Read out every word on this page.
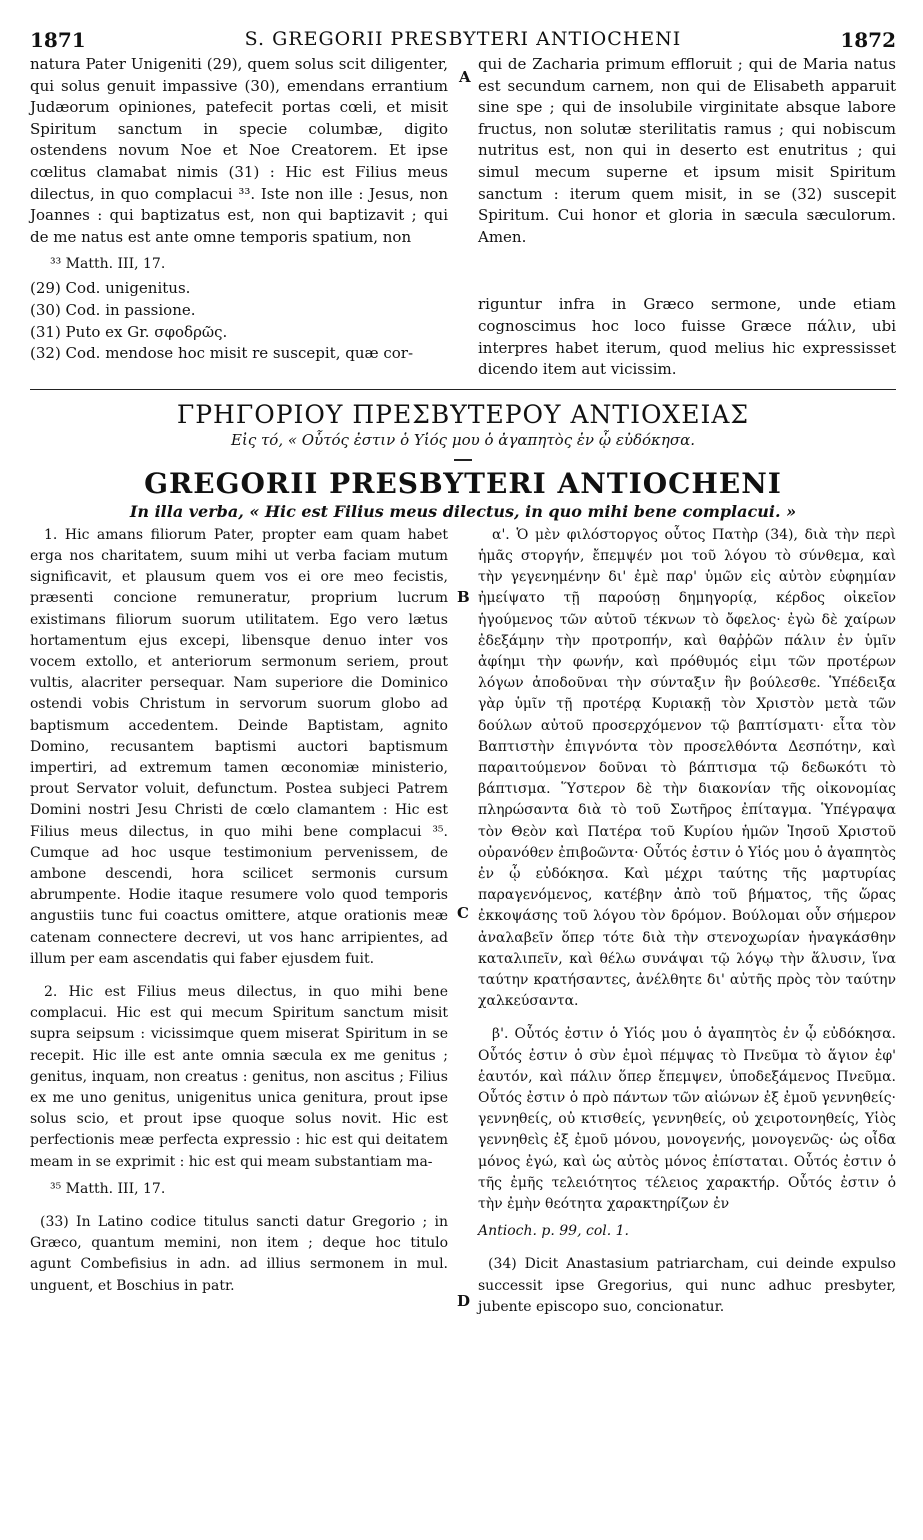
1871	S. GREGORII PRESBYTERI ANTIOCHENI	1872

natura Pater Unigeniti (29), quem solus scit diligenter, qui solus genuit impassive (30), emendans errantium Judæorum opiniones, patefecit portas cœli, et misit Spiritum sanctum in specie columbæ, digito ostendens novum Noe et Noe Creatorem. Et ipse cœlitus clamabat nimis (31) : Hic est Filius meus dilectus, in quo complacui ³³. Iste non ille : Jesus, non Joannes : qui baptizatus est, non qui baptizavit ; qui de me natus est ante omne temporis spatium, non

³³ Matth. III, 17.

(29) Cod. unigenitus.

(30) Cod. in passione.

(31) Puto ex Gr. σφοδρῶς.

(32) Cod. mendose hoc misit re suscepit, quæ cor-

qui de Zacharia primum effloruit ; qui de Maria natus est secundum carnem, non qui de Elisabeth apparuit sine spe ; qui de insolubile virginitate absque labore fructus, non solutæ sterilitatis ramus ; qui nobiscum nutritus est, non qui in deserto est enutritus ; qui simul mecum superne et ipsum misit Spiritum sanctum : iterum quem misit, in se (32) suscepit Spiritum. Cui honor et gloria in sæcula sæculorum. Amen.

riguntur infra in Græco sermone, unde etiam cognoscimus hoc loco fuisse Græce πάλιν, ubi interpres habet iterum, quod melius hic expressisset dicendo item aut vicissim.

ΓΡΗΓΟΡΙΟΥ ΠΡΕΣΒΥΤΕΡΟΥ ΑΝΤΙΟΧΕΙΑΣ
Εἰς τό, « Οὗτός ἐστιν ὁ Υἱός μου ὁ ἀγαπητὸς ἐν ᾧ εὐδόκησα.
GREGORII PRESBYTERI ANTIOCHENI
In illa verba, « Hic est Filius meus dilectus, in quo mihi bene complacui. »

1. Hic amans filiorum Pater, propter eam quam habet erga nos charitatem, suum mihi ut verba faciam mutum significavit, et plausum quem vos ei ore meo fecistis, præsenti concione remuneratur, proprium lucrum existimans filiorum suorum utilitatem. Ego vero lætus hortamentum ejus excepi, libensque denuo inter vos vocem extollo, et anteriorum sermonum seriem, prout vultis, alacriter persequar. Nam superiore die Dominico ostendi vobis Christum in servorum suorum globo ad baptismum accedentem. Deinde Baptistam, agnito Domino, recusantem baptismi auctori baptismum impertiri, ad extremum tamen œconomiæ ministerio, prout Servator voluit, defunctum. Postea subjeci Patrem Domini nostri Jesu Christi de cœlo clamantem : Hic est Filius meus dilectus, in quo mihi bene complacui ³⁵. Cumque ad hoc usque testimonium pervenissem, de ambone descendi, hora scilicet sermonis cursum abrumpente. Hodie itaque resumere volo quod temporis angustiis tunc fui coactus omittere, atque orationis meæ catenam connectere decrevi, ut vos hanc arripientes, ad illum per eam ascendatis qui faber ejusdem fuit.

2. Hic est Filius meus dilectus, in quo mihi bene complacui. Hic est qui mecum Spiritum sanctum misit supra seipsum : vicissimque quem miserat Spiritum in se recepit. Hic ille est ante omnia sæcula ex me genitus ; genitus, inquam, non creatus : genitus, non ascitus ; Filius ex me uno genitus, unigenitus unica genitura, prout ipse solus scio, et prout ipse quoque solus novit. Hic est perfectionis meæ perfecta expressio : hic est qui deitatem meam in se exprimit : hic est qui meam substantiam ma-

³⁵ Matth. III, 17.

(33) In Latino codice titulus sancti datur Gregorio ; in Græco, quantum memini, non item ; deque hoc titulo agunt Combefisius in adn. ad illius sermonem in mul. unguent, et Boschius in patr.

α'. Ὁ μὲν φιλόστοργος οὗτος Πατὴρ (34), διὰ τὴν περὶ ἡμᾶς στοργήν, ἔπεμψέν μοι τοῦ λόγου τὸ σύνθεμα, καὶ τὴν γεγενημένην δι' ἐμὲ παρ' ὑμῶν εἰς αὐτὸν εὐφημίαν ἠμείψατο τῇ παρούσῃ δημηγορίᾳ, κέρδος οἰκεῖον ἡγούμενος τῶν αὐτοῦ τέκνων τὸ ὄφελος· ἐγὼ δὲ χαίρων ἐδεξάμην τὴν προτροπήν, καὶ θαῤῥῶν πάλιν ἐν ὑμῖν ἀφίημι τὴν φωνήν, καὶ πρόθυμός εἰμι τῶν προτέρων λόγων ἀποδοῦναι τὴν σύνταξιν ἣν βούλεσθε. Ὑπέδειξα γὰρ ὑμῖν τῇ προτέρᾳ Κυριακῇ τὸν Χριστὸν μετὰ τῶν δούλων αὐτοῦ προσερχόμενον τῷ βαπτίσματι· εἶτα τὸν Βαπτιστὴν ἐπιγνόντα τὸν προσελθόντα Δεσπότην, καὶ παραιτούμενον δοῦναι τὸ βάπτισμα τῷ δεδωκότι τὸ βάπτισμα. Ὕστερον δὲ τὴν διακονίαν τῆς οἰκονομίας πληρώσαντα διὰ τὸ τοῦ Σωτῆρος ἐπίταγμα. Ὑπέγραψα τὸν Θεὸν καὶ Πατέρα τοῦ Κυρίου ἡμῶν Ἰησοῦ Χριστοῦ οὐρανόθεν ἐπιβοῶντα· Οὗτός ἐστιν ὁ Υἱός μου ὁ ἀγαπητὸς ἐν ᾧ εὐδόκησα. Καὶ μέχρι ταύτης τῆς μαρτυρίας παραγενόμενος, κατέβην ἀπὸ τοῦ βήματος, τῆς ὥρας ἐκκοψάσης τοῦ λόγου τὸν δρόμον. Βούλομαι οὖν σήμερον ἀναλαβεῖν ὅπερ τότε διὰ τὴν στενοχωρίαν ἠναγκάσθην καταλιπεῖν, καὶ θέλω συνάψαι τῷ λόγῳ τὴν ἅλυσιν, ἵνα ταύτην κρατήσαντες, ἀνέλθητε δι' αὐτῆς πρὸς τὸν ταύτην χαλκεύσαντα.

β'. Οὗτός ἐστιν ὁ Υἱός μου ὁ ἀγαπητὸς ἐν ᾧ εὐδόκησα. Οὗτός ἐστιν ὁ σὺν ἐμοὶ πέμψας τὸ Πνεῦμα τὸ ἅγιον ἐφ' ἑαυτόν, καὶ πάλιν ὅπερ ἔπεμψεν, ὑποδεξάμενος Πνεῦμα. Οὗτός ἐστιν ὁ πρὸ πάντων τῶν αἰώνων ἐξ ἐμοῦ γεννηθείς· γεννηθείς, οὐ κτισθείς, γεννηθείς, οὐ χειροτονηθείς, Υἱὸς γεννηθεὶς ἐξ ἐμοῦ μόνου, μονογενής, μονογενῶς· ὡς οἶδα μόνος ἐγώ, καὶ ὡς αὐτὸς μόνος ἐπίσταται. Οὗτός ἐστιν ὁ τῆς ἐμῆς τελειότητος τέλειος χαρακτήρ. Οὗτός ἐστιν ὁ τὴν ἐμὴν θεότητα χαρακτηρίζων ἐν

Antioch. p. 99, col. 1.

(34) Dicit Anastasium patriarcham, cui deinde expulso successit ipse Gregorius, qui nunc adhuc presbyter, jubente episcopo suo, concionatur.

A
B
C
D
